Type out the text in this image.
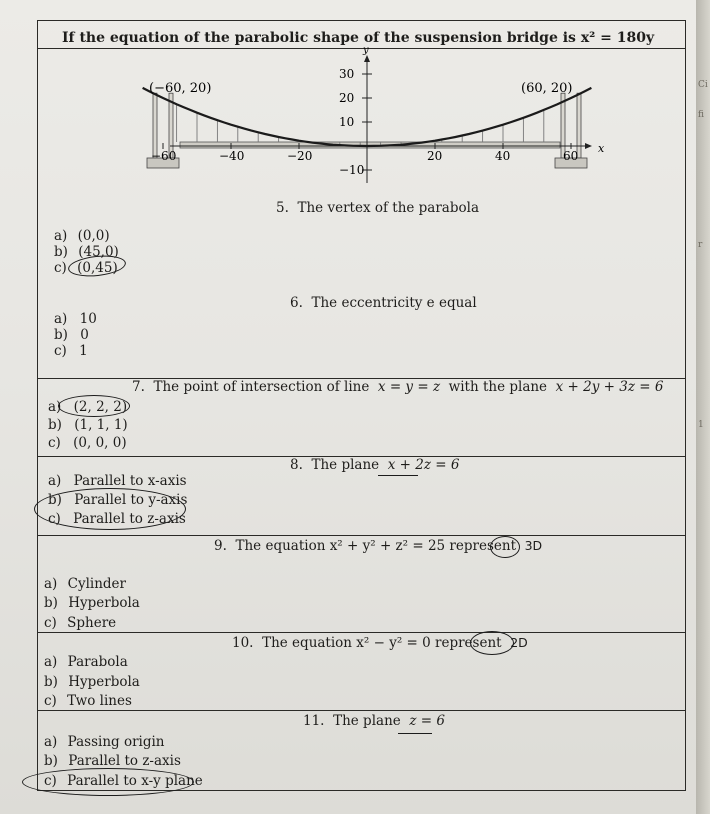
If the equation of the parabolic shape of the suspension bridge is x² = 180y
x
y
−60	−40	−20	20	40	60
30
20
10
−10
(−60, 20)	(60, 20)
5. The vertex of the parabola
a) (0,0)
b) (45,0)
c) (0,45)
6. The eccentricity e equal
a) 10
b) 0
c) 1
7. The point of intersection of line x = y = z with the plane x + 2y + 3z = 6
a) (2, 2, 2)
b) (1, 1, 1)
c) (0, 0, 0)
8. The plane x + 2z = 6
a) Parallel to x-axis
b) Parallel to y-axis
c) Parallel to z-axis
9. The equation x² + y² + z² = 25 represent 3D
a) Cylinder
b) Hyperbola
c) Sphere
10. The equation x² − y² = 0 represent 2D
a) Parabola
b) Hyperbola
c) Two lines
11. The plane z = 6
a) Passing origin
b) Parallel to z-axis
c) Parallel to x-y plane
Ci
fi
r
1
